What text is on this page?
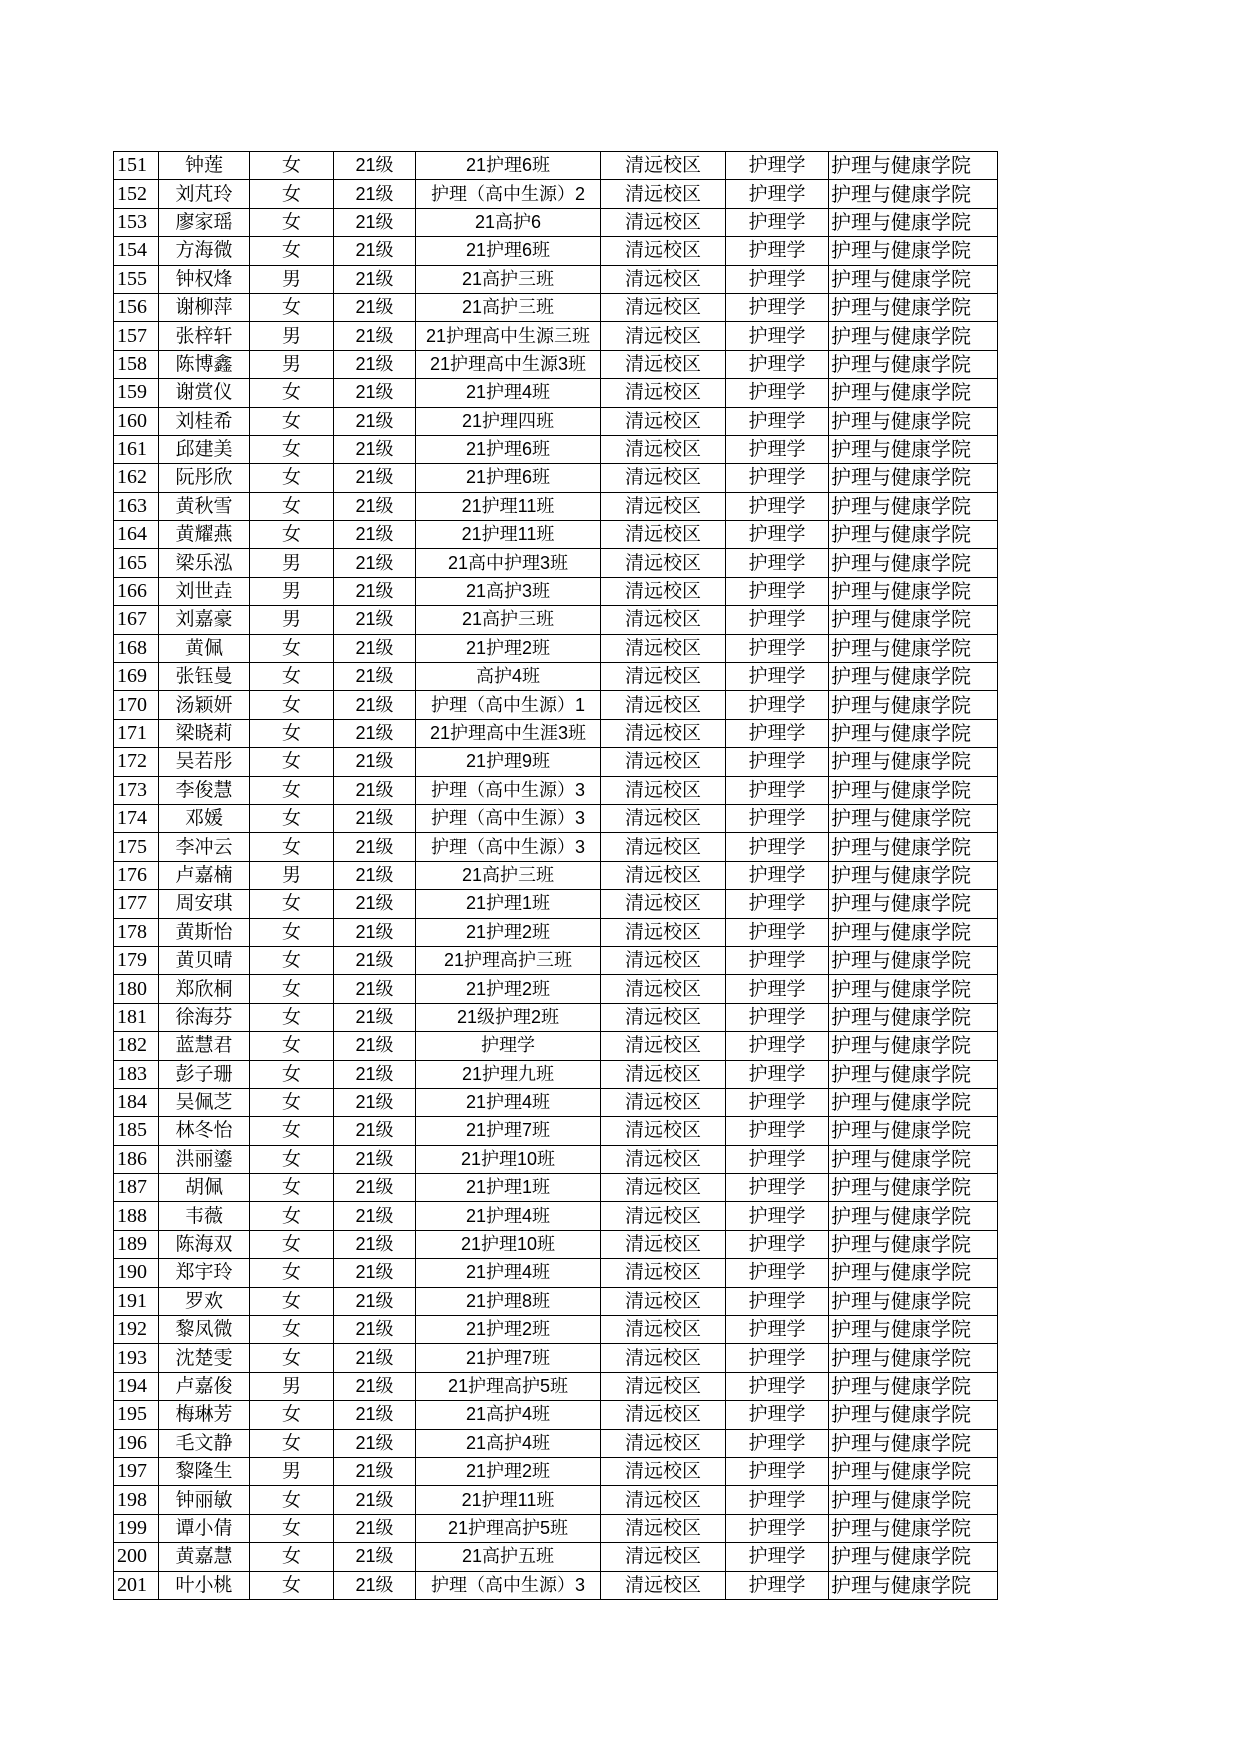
151	钟莲	女	21级	21护理6班	清远校区	护理学	护理与健康学院
152	刘芃玲	女	21级	护理（高中生源）2	清远校区	护理学	护理与健康学院
153	廖家瑶	女	21级	21高护6	清远校区	护理学	护理与健康学院
154	方海微	女	21级	21护理6班	清远校区	护理学	护理与健康学院
155	钟权烽	男	21级	21高护三班	清远校区	护理学	护理与健康学院
156	谢柳萍	女	21级	21高护三班	清远校区	护理学	护理与健康学院
157	张梓轩	男	21级	21护理高中生源三班	清远校区	护理学	护理与健康学院
158	陈博鑫	男	21级	21护理高中生源3班	清远校区	护理学	护理与健康学院
159	谢赏仪	女	21级	21护理4班	清远校区	护理学	护理与健康学院
160	刘桂希	女	21级	21护理四班	清远校区	护理学	护理与健康学院
161	邱建美	女	21级	21护理6班	清远校区	护理学	护理与健康学院
162	阮彤欣	女	21级	21护理6班	清远校区	护理学	护理与健康学院
163	黄秋雪	女	21级	21护理11班	清远校区	护理学	护理与健康学院
164	黄耀燕	女	21级	21护理11班	清远校区	护理学	护理与健康学院
165	梁乐泓	男	21级	21高中护理3班	清远校区	护理学	护理与健康学院
166	刘世垚	男	21级	21高护3班	清远校区	护理学	护理与健康学院
167	刘嘉豪	男	21级	21高护三班	清远校区	护理学	护理与健康学院
168	黄佩	女	21级	21护理2班	清远校区	护理学	护理与健康学院
169	张钰曼	女	21级	高护4班	清远校区	护理学	护理与健康学院
170	汤颖妍	女	21级	护理（高中生源）1	清远校区	护理学	护理与健康学院
171	梁晓莉	女	21级	21护理高中生涯3班	清远校区	护理学	护理与健康学院
172	吴若彤	女	21级	21护理9班	清远校区	护理学	护理与健康学院
173	李俊慧	女	21级	护理（高中生源）3	清远校区	护理学	护理与健康学院
174	邓媛	女	21级	护理（高中生源）3	清远校区	护理学	护理与健康学院
175	李冲云	女	21级	护理（高中生源）3	清远校区	护理学	护理与健康学院
176	卢嘉楠	男	21级	21高护三班	清远校区	护理学	护理与健康学院
177	周安琪	女	21级	21护理1班	清远校区	护理学	护理与健康学院
178	黄斯怡	女	21级	21护理2班	清远校区	护理学	护理与健康学院
179	黄贝晴	女	21级	21护理高护三班	清远校区	护理学	护理与健康学院
180	郑欣桐	女	21级	21护理2班	清远校区	护理学	护理与健康学院
181	徐海芬	女	21级	21级护理2班	清远校区	护理学	护理与健康学院
182	蓝慧君	女	21级	护理学	清远校区	护理学	护理与健康学院
183	彭子珊	女	21级	21护理九班	清远校区	护理学	护理与健康学院
184	吴佩芝	女	21级	21护理4班	清远校区	护理学	护理与健康学院
185	林冬怡	女	21级	21护理7班	清远校区	护理学	护理与健康学院
186	洪丽鎏	女	21级	21护理10班	清远校区	护理学	护理与健康学院
187	胡佩	女	21级	21护理1班	清远校区	护理学	护理与健康学院
188	韦薇	女	21级	21护理4班	清远校区	护理学	护理与健康学院
189	陈海双	女	21级	21护理10班	清远校区	护理学	护理与健康学院
190	郑宇玲	女	21级	21护理4班	清远校区	护理学	护理与健康学院
191	罗欢	女	21级	21护理8班	清远校区	护理学	护理与健康学院
192	黎凤微	女	21级	21护理2班	清远校区	护理学	护理与健康学院
193	沈楚雯	女	21级	21护理7班	清远校区	护理学	护理与健康学院
194	卢嘉俊	男	21级	21护理高护5班	清远校区	护理学	护理与健康学院
195	梅琳芳	女	21级	21高护4班	清远校区	护理学	护理与健康学院
196	毛文静	女	21级	21高护4班	清远校区	护理学	护理与健康学院
197	黎隆生	男	21级	21护理2班	清远校区	护理学	护理与健康学院
198	钟丽敏	女	21级	21护理11班	清远校区	护理学	护理与健康学院
199	谭小倩	女	21级	21护理高护5班	清远校区	护理学	护理与健康学院
200	黄嘉慧	女	21级	21高护五班	清远校区	护理学	护理与健康学院
201	叶小桃	女	21级	护理（高中生源）3	清远校区	护理学	护理与健康学院
